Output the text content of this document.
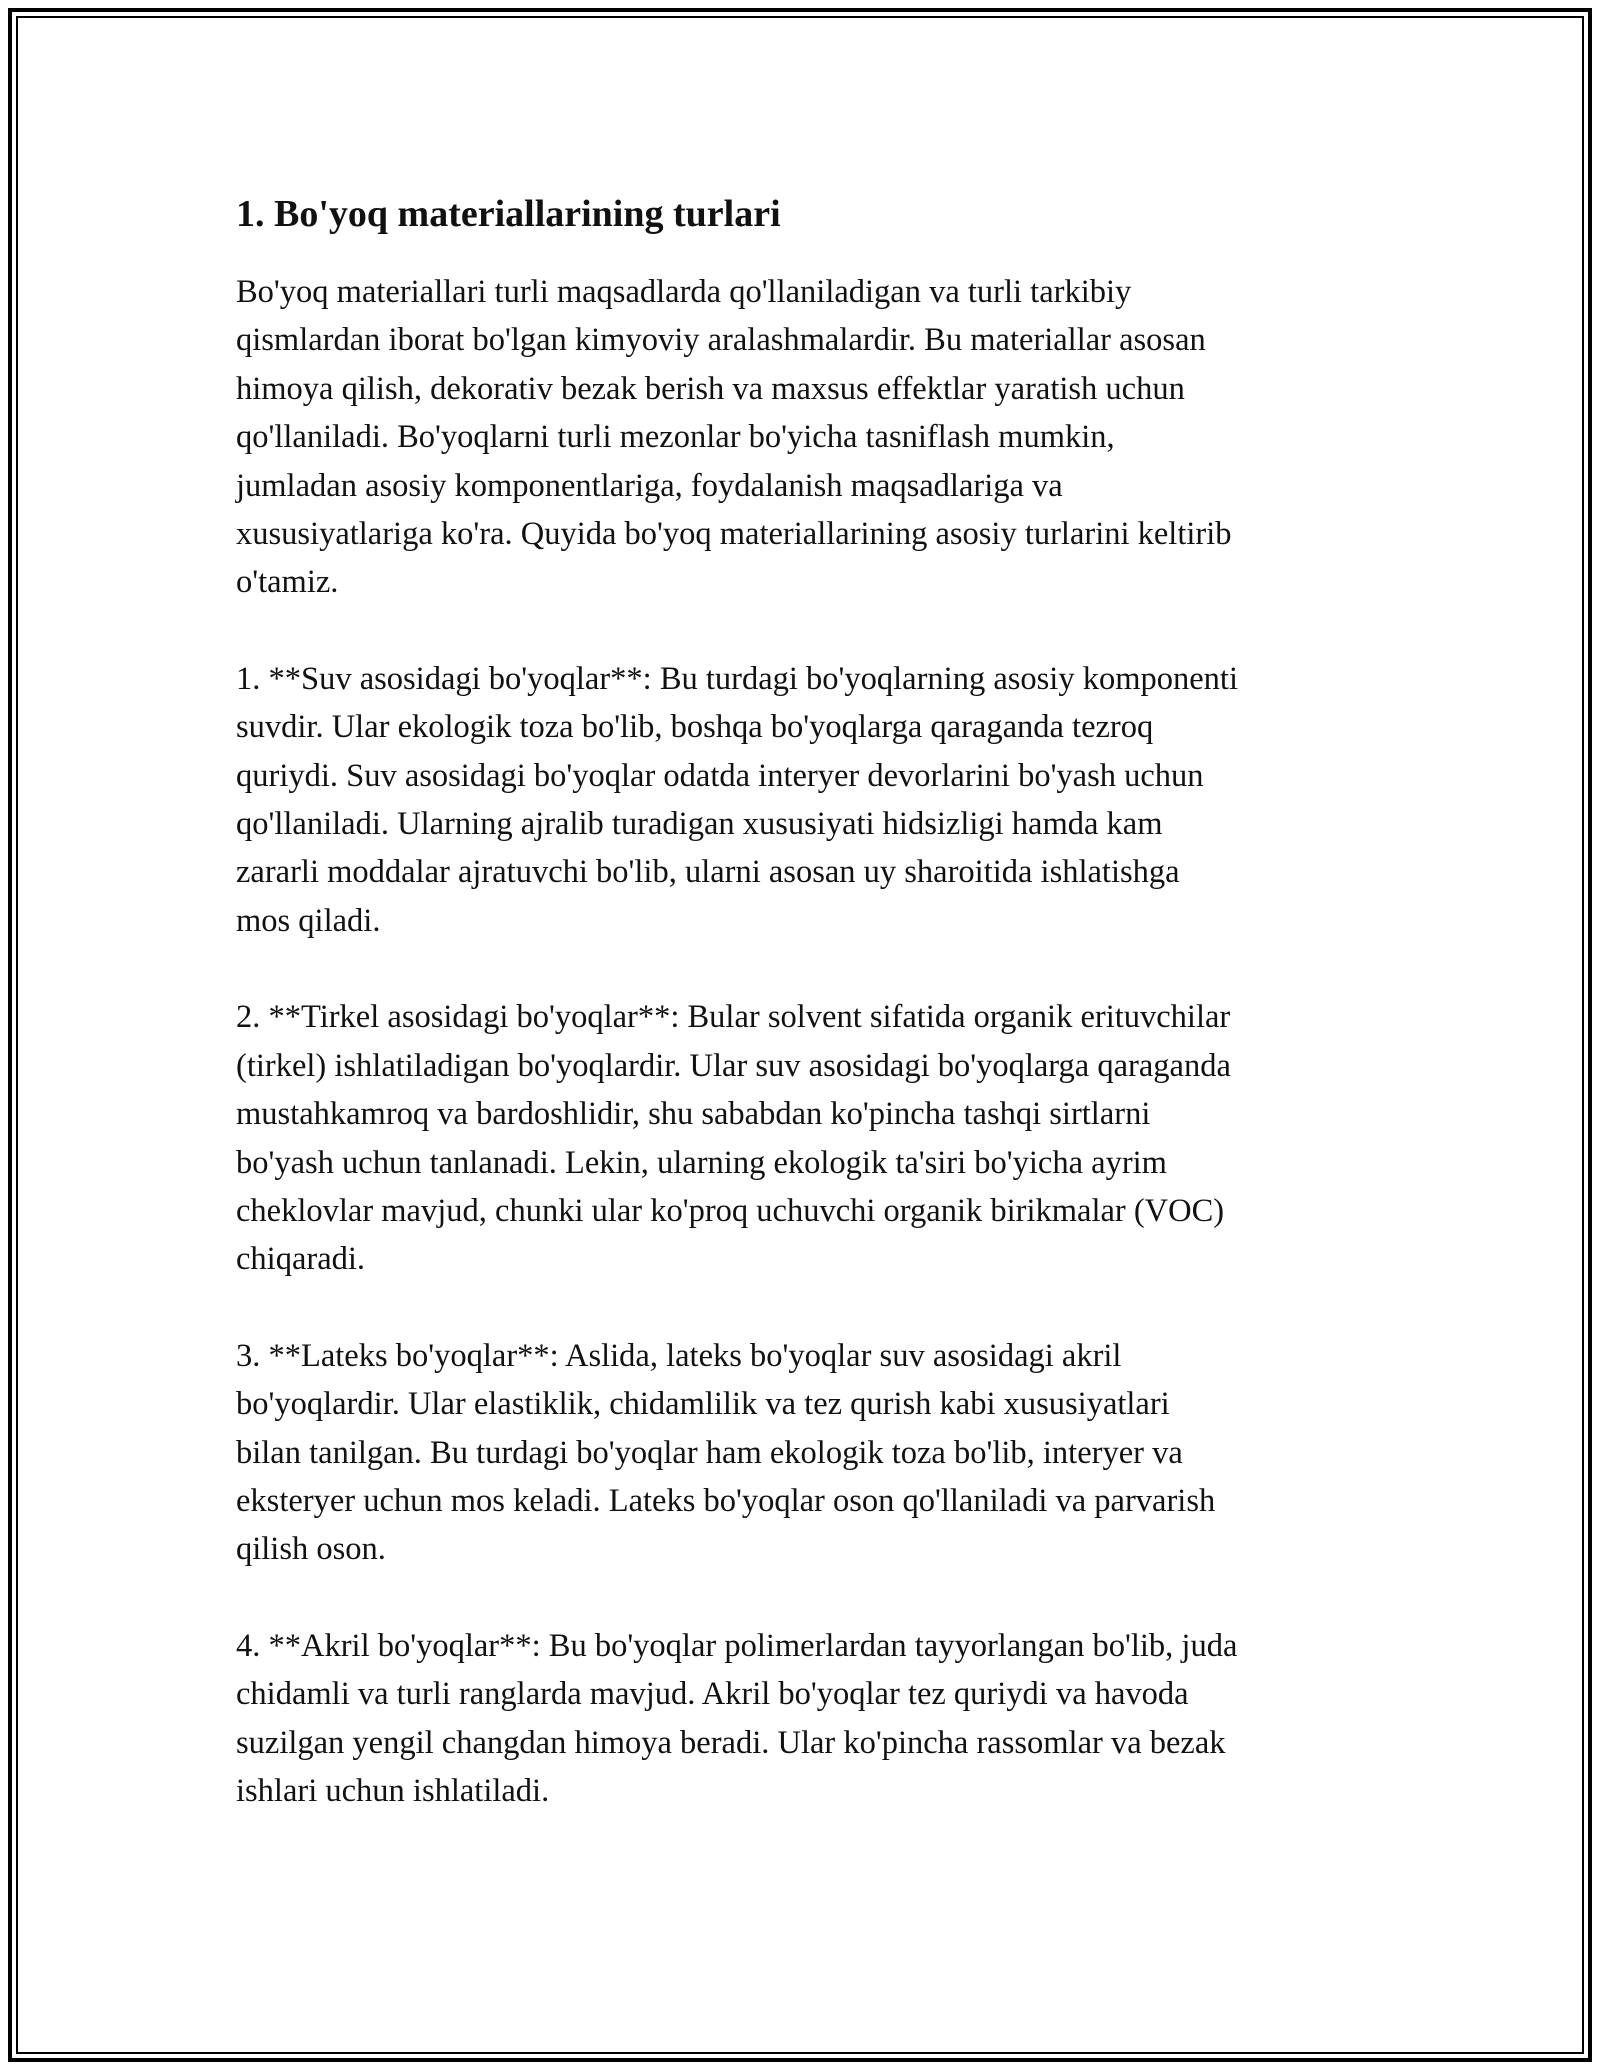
1. Bo'yoq materiallarining turlari

Bo'yoq materiallari turli maqsadlarda qo'llaniladigan va turli tarkibiy
qismlardan iborat bo'lgan kimyoviy aralashmalardir. Bu materiallar asosan
himoya qilish, dekorativ bezak berish va maxsus effektlar yaratish uchun
qo'llaniladi. Bo'yoqlarni turli mezonlar bo'yicha tasniflash mumkin,
jumladan asosiy komponentlariga, foydalanish maqsadlariga va
xususiyatlariga ko'ra. Quyida bo'yoq materiallarining asosiy turlarini keltirib
o'tamiz.

1. **Suv asosidagi bo'yoqlar**: Bu turdagi bo'yoqlarning asosiy komponenti
suvdir. Ular ekologik toza bo'lib, boshqa bo'yoqlarga qaraganda tezroq
quriydi. Suv asosidagi bo'yoqlar odatda interyer devorlarini bo'yash uchun
qo'llaniladi. Ularning ajralib turadigan xususiyati hidsizligi hamda kam
zararli moddalar ajratuvchi bo'lib, ularni asosan uy sharoitida ishlatishga
mos qiladi.

2. **Tirkel asosidagi bo'yoqlar**: Bular solvent sifatida organik erituvchilar
(tirkel) ishlatiladigan bo'yoqlardir. Ular suv asosidagi bo'yoqlarga qaraganda
mustahkamroq va bardoshlidir, shu sababdan ko'pincha tashqi sirtlarni
bo'yash uchun tanlanadi. Lekin, ularning ekologik ta'siri bo'yicha ayrim
cheklovlar mavjud, chunki ular ko'proq uchuvchi organik birikmalar (VOC)
chiqaradi.

3. **Lateks bo'yoqlar**: Aslida, lateks bo'yoqlar suv asosidagi akril
bo'yoqlardir. Ular elastiklik, chidamlilik va tez qurish kabi xususiyatlari
bilan tanilgan. Bu turdagi bo'yoqlar ham ekologik toza bo'lib, interyer va
eksteryer uchun mos keladi. Lateks bo'yoqlar oson qo'llaniladi va parvarish
qilish oson.

4. **Akril bo'yoqlar**: Bu bo'yoqlar polimerlardan tayyorlangan bo'lib, juda
chidamli va turli ranglarda mavjud. Akril bo'yoqlar tez quriydi va havoda
suzilgan yengil changdan himoya beradi. Ular ko'pincha rassomlar va bezak
ishlari uchun ishlatiladi.
